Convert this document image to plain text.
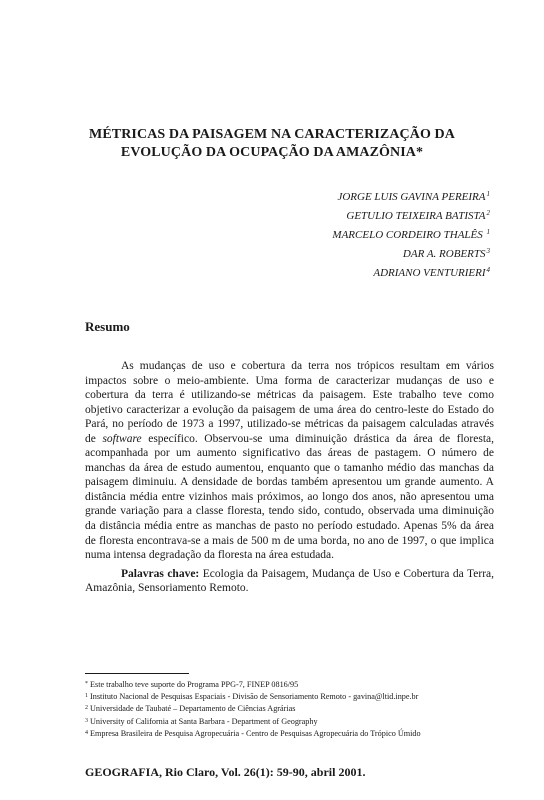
MÉTRICAS DA PAISAGEM NA CARACTERIZAÇÃO DA
EVOLUÇÃO DA OCUPAÇÃO DA AMAZÔNIA*
JORGE LUIS GAVINA PEREIRA$^1$
GETULIO TEIXEIRA BATISTA$^2$
MARCELO CORDEIRO THALÊS $^1$
DAR A. ROBERTS$^3$
ADRIANO VENTURIERI$^4$
Resumo

As mudanças de uso e cobertura da terra nos trópicos resultam em vários impactos sobre o meio-ambiente. Uma forma de caracterizar mudanças de uso e cobertura da terra é utilizando-se métricas da paisagem. Este trabalho teve como objetivo caracterizar a evolução da paisagem de uma área do centro-leste do Estado do Pará, no período de 1973 a 1997, utilizado-se métricas da paisagem calculadas através de software específico. Observou-se uma diminuição drástica da área de floresta, acompanhada por um aumento significativo das áreas de pastagem. O número de manchas da área de estudo aumentou, enquanto que o tamanho médio das manchas da paisagem diminuiu. A densidade de bordas também apresentou um grande aumento. A distância média entre vizinhos mais próximos, ao longo dos anos, não apresentou uma grande variação para a classe floresta, tendo sido, contudo, observada uma diminuição da distância média entre as manchas de pasto no período estudado. Apenas 5% da área de floresta encontrava-se a mais de 500 m de uma borda, no ano de 1997, o que implica numa intensa degradação da floresta na área estudada.

Palavras chave: Ecologia da Paisagem, Mudança de Uso e Cobertura da Terra, Amazônia, Sensoriamento Remoto.

* Este trabalho teve suporte do Programa PPG-7, FINEP 0816/95
$^1$ Instituto Nacional de Pesquisas Espaciais - Divisão de Sensoriamento Remoto - gavina@ltid.inpe.br
$^2$ Universidade de Taubaté – Departamento de Ciências Agrárias
$^3$ University of California at Santa Barbara - Department of Geography
$^4$ Empresa Brasileira de Pesquisa Agropecuária - Centro de Pesquisas Agropecuária do Trópico Úmido
GEOGRAFIA, Rio Claro, Vol. 26(1): 59-90, abril 2001.
